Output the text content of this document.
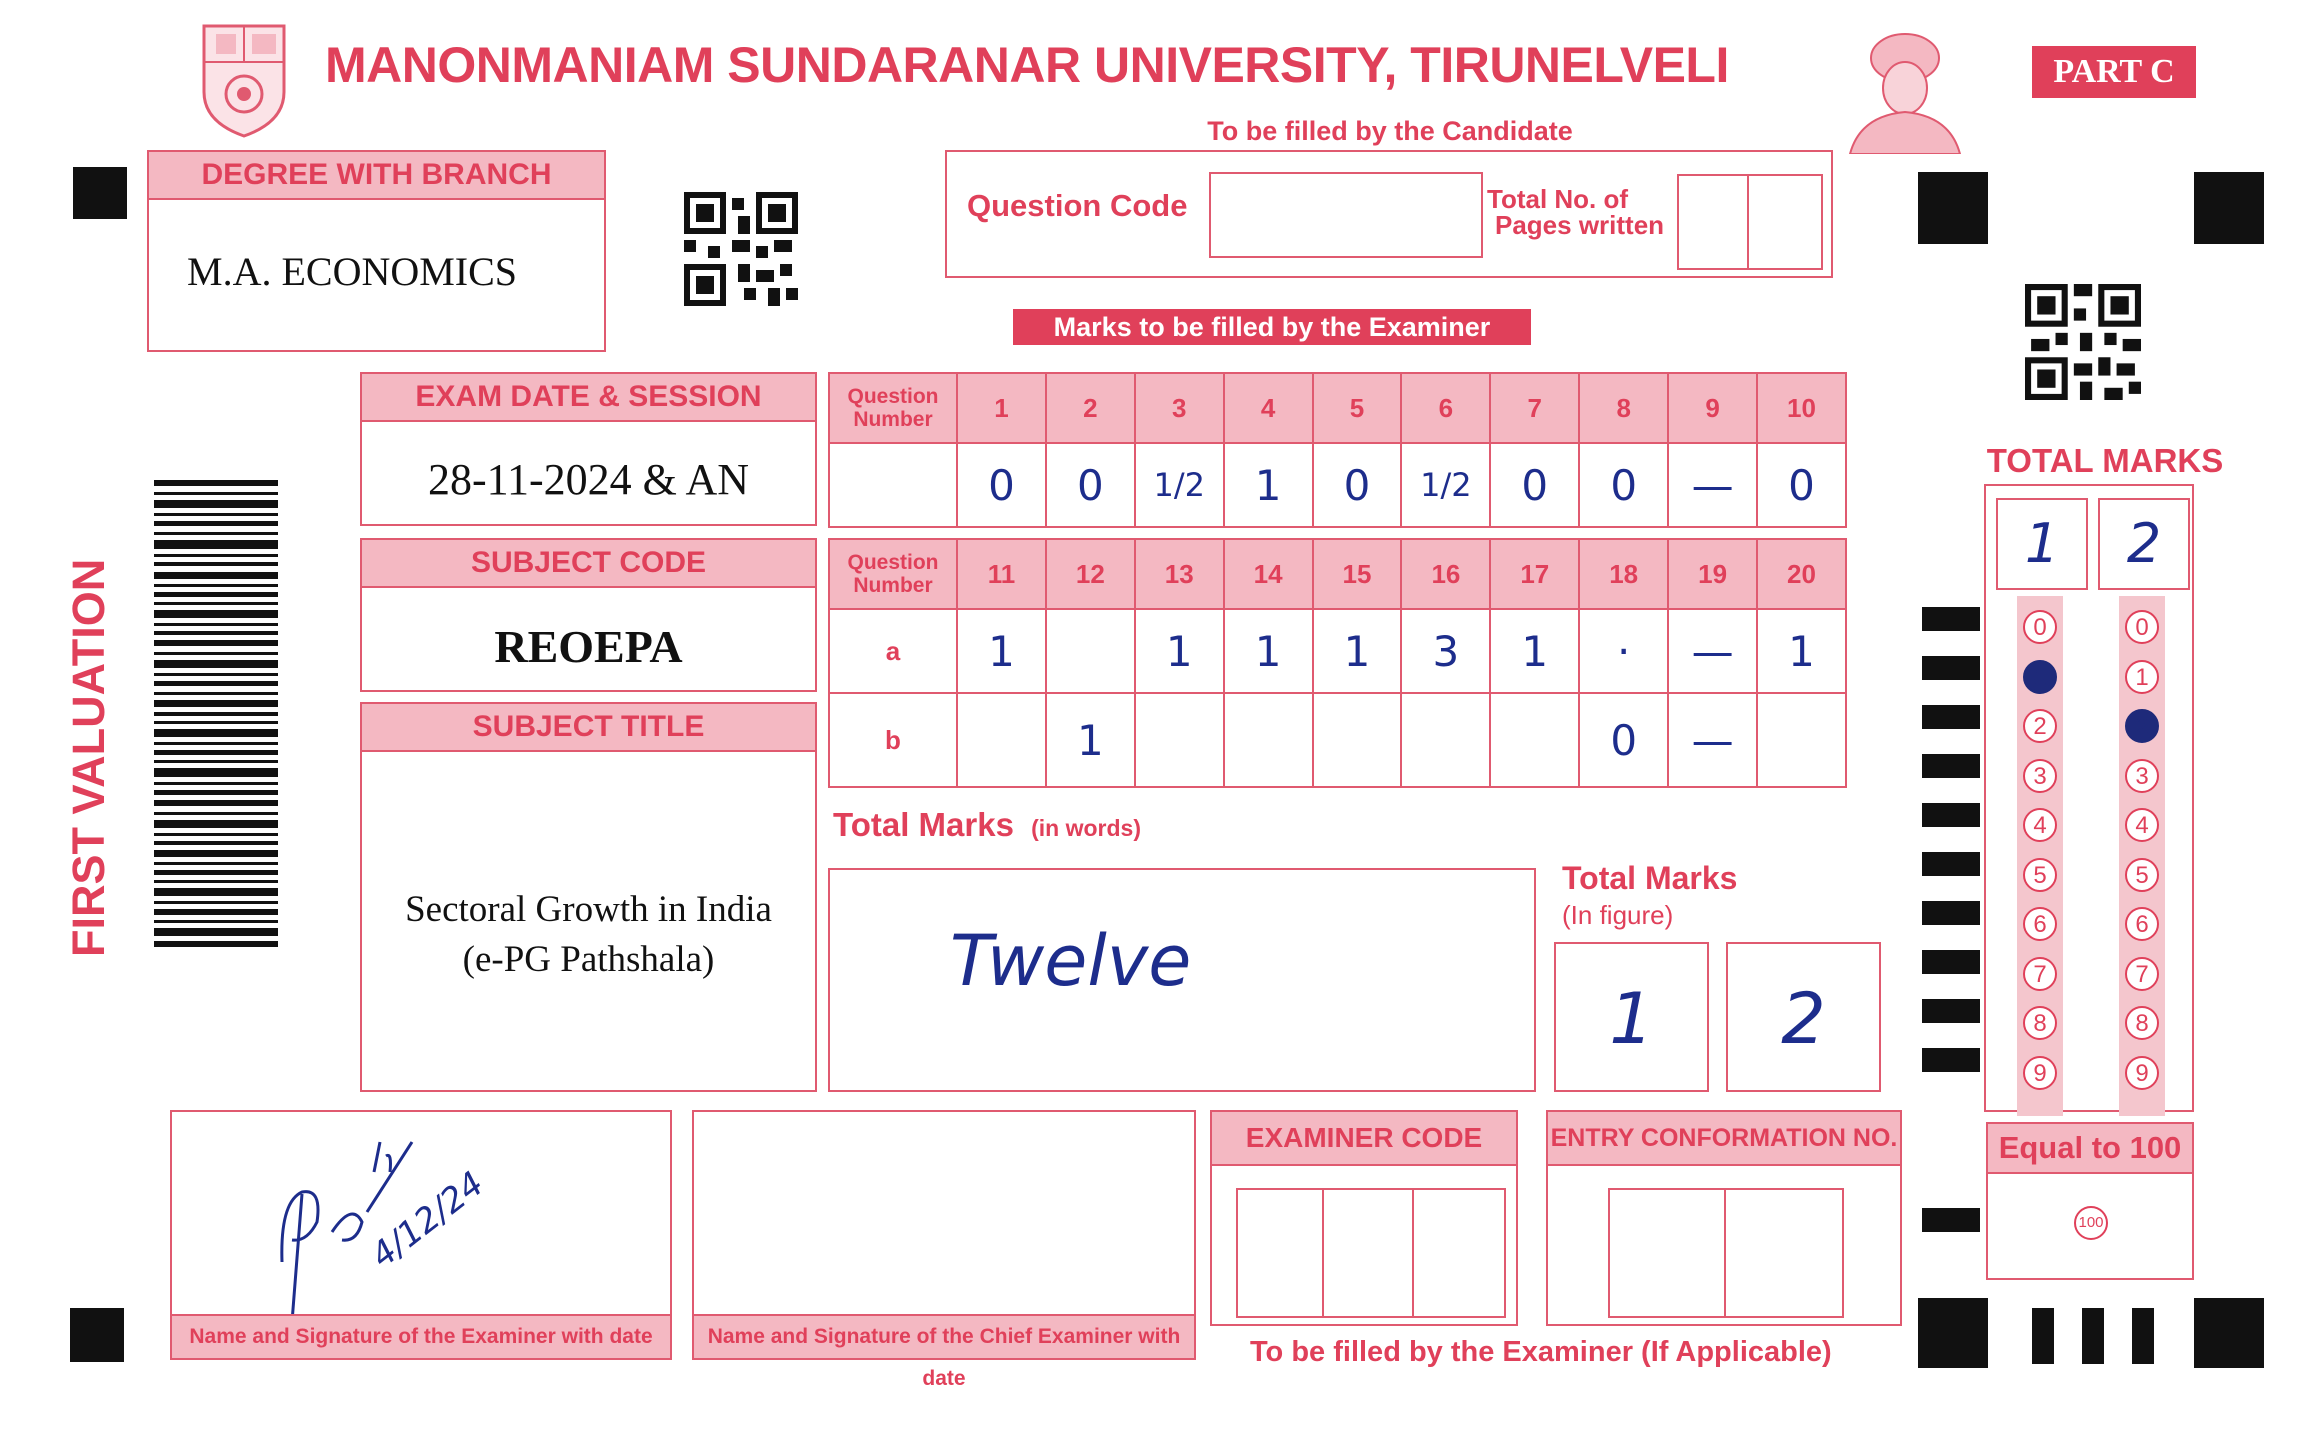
MANONMANIAM SUNDARANAR UNIVERSITY, TIRUNELVELI	PART C
To be filled by the Candidate
DEGREE WITH BRANCH
M.A. ECONOMICS
Question Code	Total No. of
Pages written
Marks to be filled by the Examiner
FIRST VALUATION
EXAM DATE & SESSION
28-11-2024 & AN
SUBJECT CODE
REOEPA
SUBJECT TITLE
Sectoral Growth in India
(e-PG Pathshala)
Question
Number	1	2	3	4	5	6	7	8	9	10
	0	0	1/2	1	0	1/2	0	0	—	0
Question
Number	11	12	13	14	15	16	17	18	19	20
a	1		1	1	1	3	1	·	—	1
b		1						0	—	
Total Marks (in words)
Twelve
Total Marks
(In figure)
1	2
TOTAL MARKS
1	2
0
1
2
3
4
5
6
7
8
9
0
1
2
3
4
5
6
7
8
9
Equal to 100
100
4/12/24
Name and Signature of the Examiner with date	Name and Signature of the Chief Examiner with date
EXAMINER CODE	ENTRY CONFORMATION NO.
To be filled by the Examiner (If Applicable)
